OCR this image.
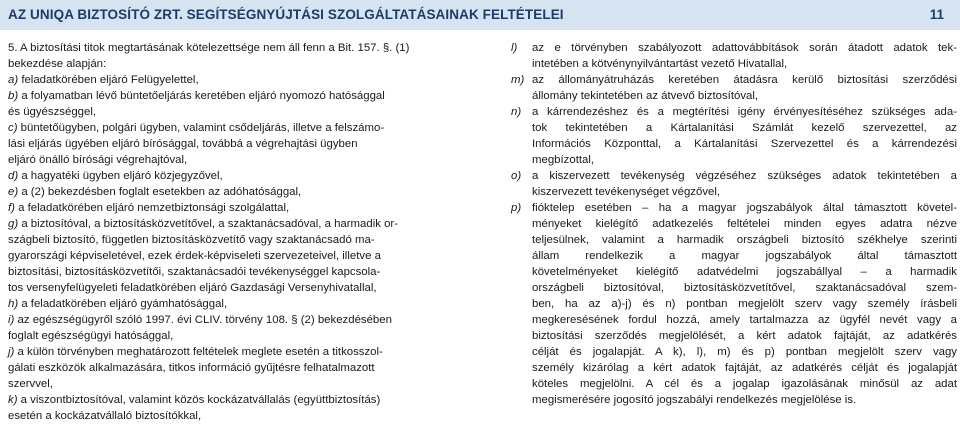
AZ UNIQA BIZTOSÍTÓ ZRT. SEGÍTSÉGNYÚJTÁSI SZOLGÁLTATÁSAINAK FELTÉTELEI	11
5. A biztosítási titok megtartásának kötelezettsége nem áll fenn a Bit. 157. §. (1)
bekezdése alapján:
a) feladatkörében eljáró Felügyelettel,
b) a folyamatban lévő büntetőeljárás keretében eljáró nyomozó hatósággal
és ügyészséggel,
c) büntetőügyben, polgári ügyben, valamint csődeljárás, illetve a felszámo-
lási eljárás ügyében eljáró bírósággal, továbbá a végrehajtási ügyben
eljáró önálló bírósági végrehajtóval,
d) a hagyatéki ügyben eljáró közjegyzővel,
e) a (2) bekezdésben foglalt esetekben az adóhatósággal,
f) a feladatkörében eljáró nemzetbiztonsági szolgálattal,
g) a biztosítóval, a biztosításközvetítővel, a szaktanácsadóval, a harmadik or-
szágbeli biztosító, független biztosításközvetítő vagy szaktanácsadó ma-
gyarországi képviseletével, ezek érdek-képviseleti szervezeteivel, illetve a
biztosítási, biztosításközvetítői, szaktanácsadói tevékenységgel kapcsola-
tos versenyfelügyeleti feladatkörében eljáró Gazdasági Versenyhivatallal,
h) a feladatkörében eljáró gyámhatósággal,
i) az egészségügyről szóló 1997. évi CLIV. törvény 108. § (2) bekezdésében
foglalt egészségügyi hatósággal,
j) a külön törvényben meghatározott feltételek meglete esetén a titkosszol-
gálati eszközök alkalmazására, titkos információ gyűjtésre felhatalmazott
szervvel,
k) a viszontbiztosítóval, valamint közös kockázatvállalás (együttbiztosítás)
esetén a kockázatvállaló biztosítókkal,
l) az e törvényben szabályozott adattovábbítások során átadott adatok tek-
intetében a kötvénynyilvántartást vezető Hivatallal,
m) az állományátruházás keretében átadásra kerülő biztosítási szerződési
állomány tekintetében az átvevő biztosítóval,
n) a kárrendezéshez és a megtérítési igény érvényesítéséhez szükséges ada-
tok tekintetében a Kártalanítási Számlát kezelő szervezettel, az
Információs Központtal, a Kártalanítási Szervezettel és a kárrendezési
megbízottal,
o) a kiszervezett tevékenység végzéséhez szükséges adatok tekintetében a
kiszervezett tevékenységet végzővel,
p) fióktelep esetében – ha a magyar jogszabályok által támasztott követel-
ményeket kielégítő adatkezelés feltételei minden egyes adatra nézve
teljesülnek, valamint a harmadik országbeli biztosító székhelye szerinti
állam rendelkezik a magyar jogszabályok által támasztott
követelményeket kielégítő adatvédelmi jogszabállyal – a harmadik
országbeli biztosítóval, biztosításközvetítővel, szaktanácsadóval szem-
ben, ha az a)-j) és n) pontban megjelölt szerv vagy személy írásbeli
megkeresésének fordul hozzá, amely tartalmazza az ügyfél nevét vagy a
biztosítási szerződés megjelölését, a kért adatok fajtáját, az adatkérés
célját és jogalapját. A k), l), m) és p) pontban megjelölt szerv vagy
személy kizárólag a kért adatok fajtáját, az adatkérés célját és jogalapját
köteles megjelölni. A cél és a jogalap igazolásának minősül az adat
megismerésére jogosító jogszabályi rendelkezés megjelölése is.
